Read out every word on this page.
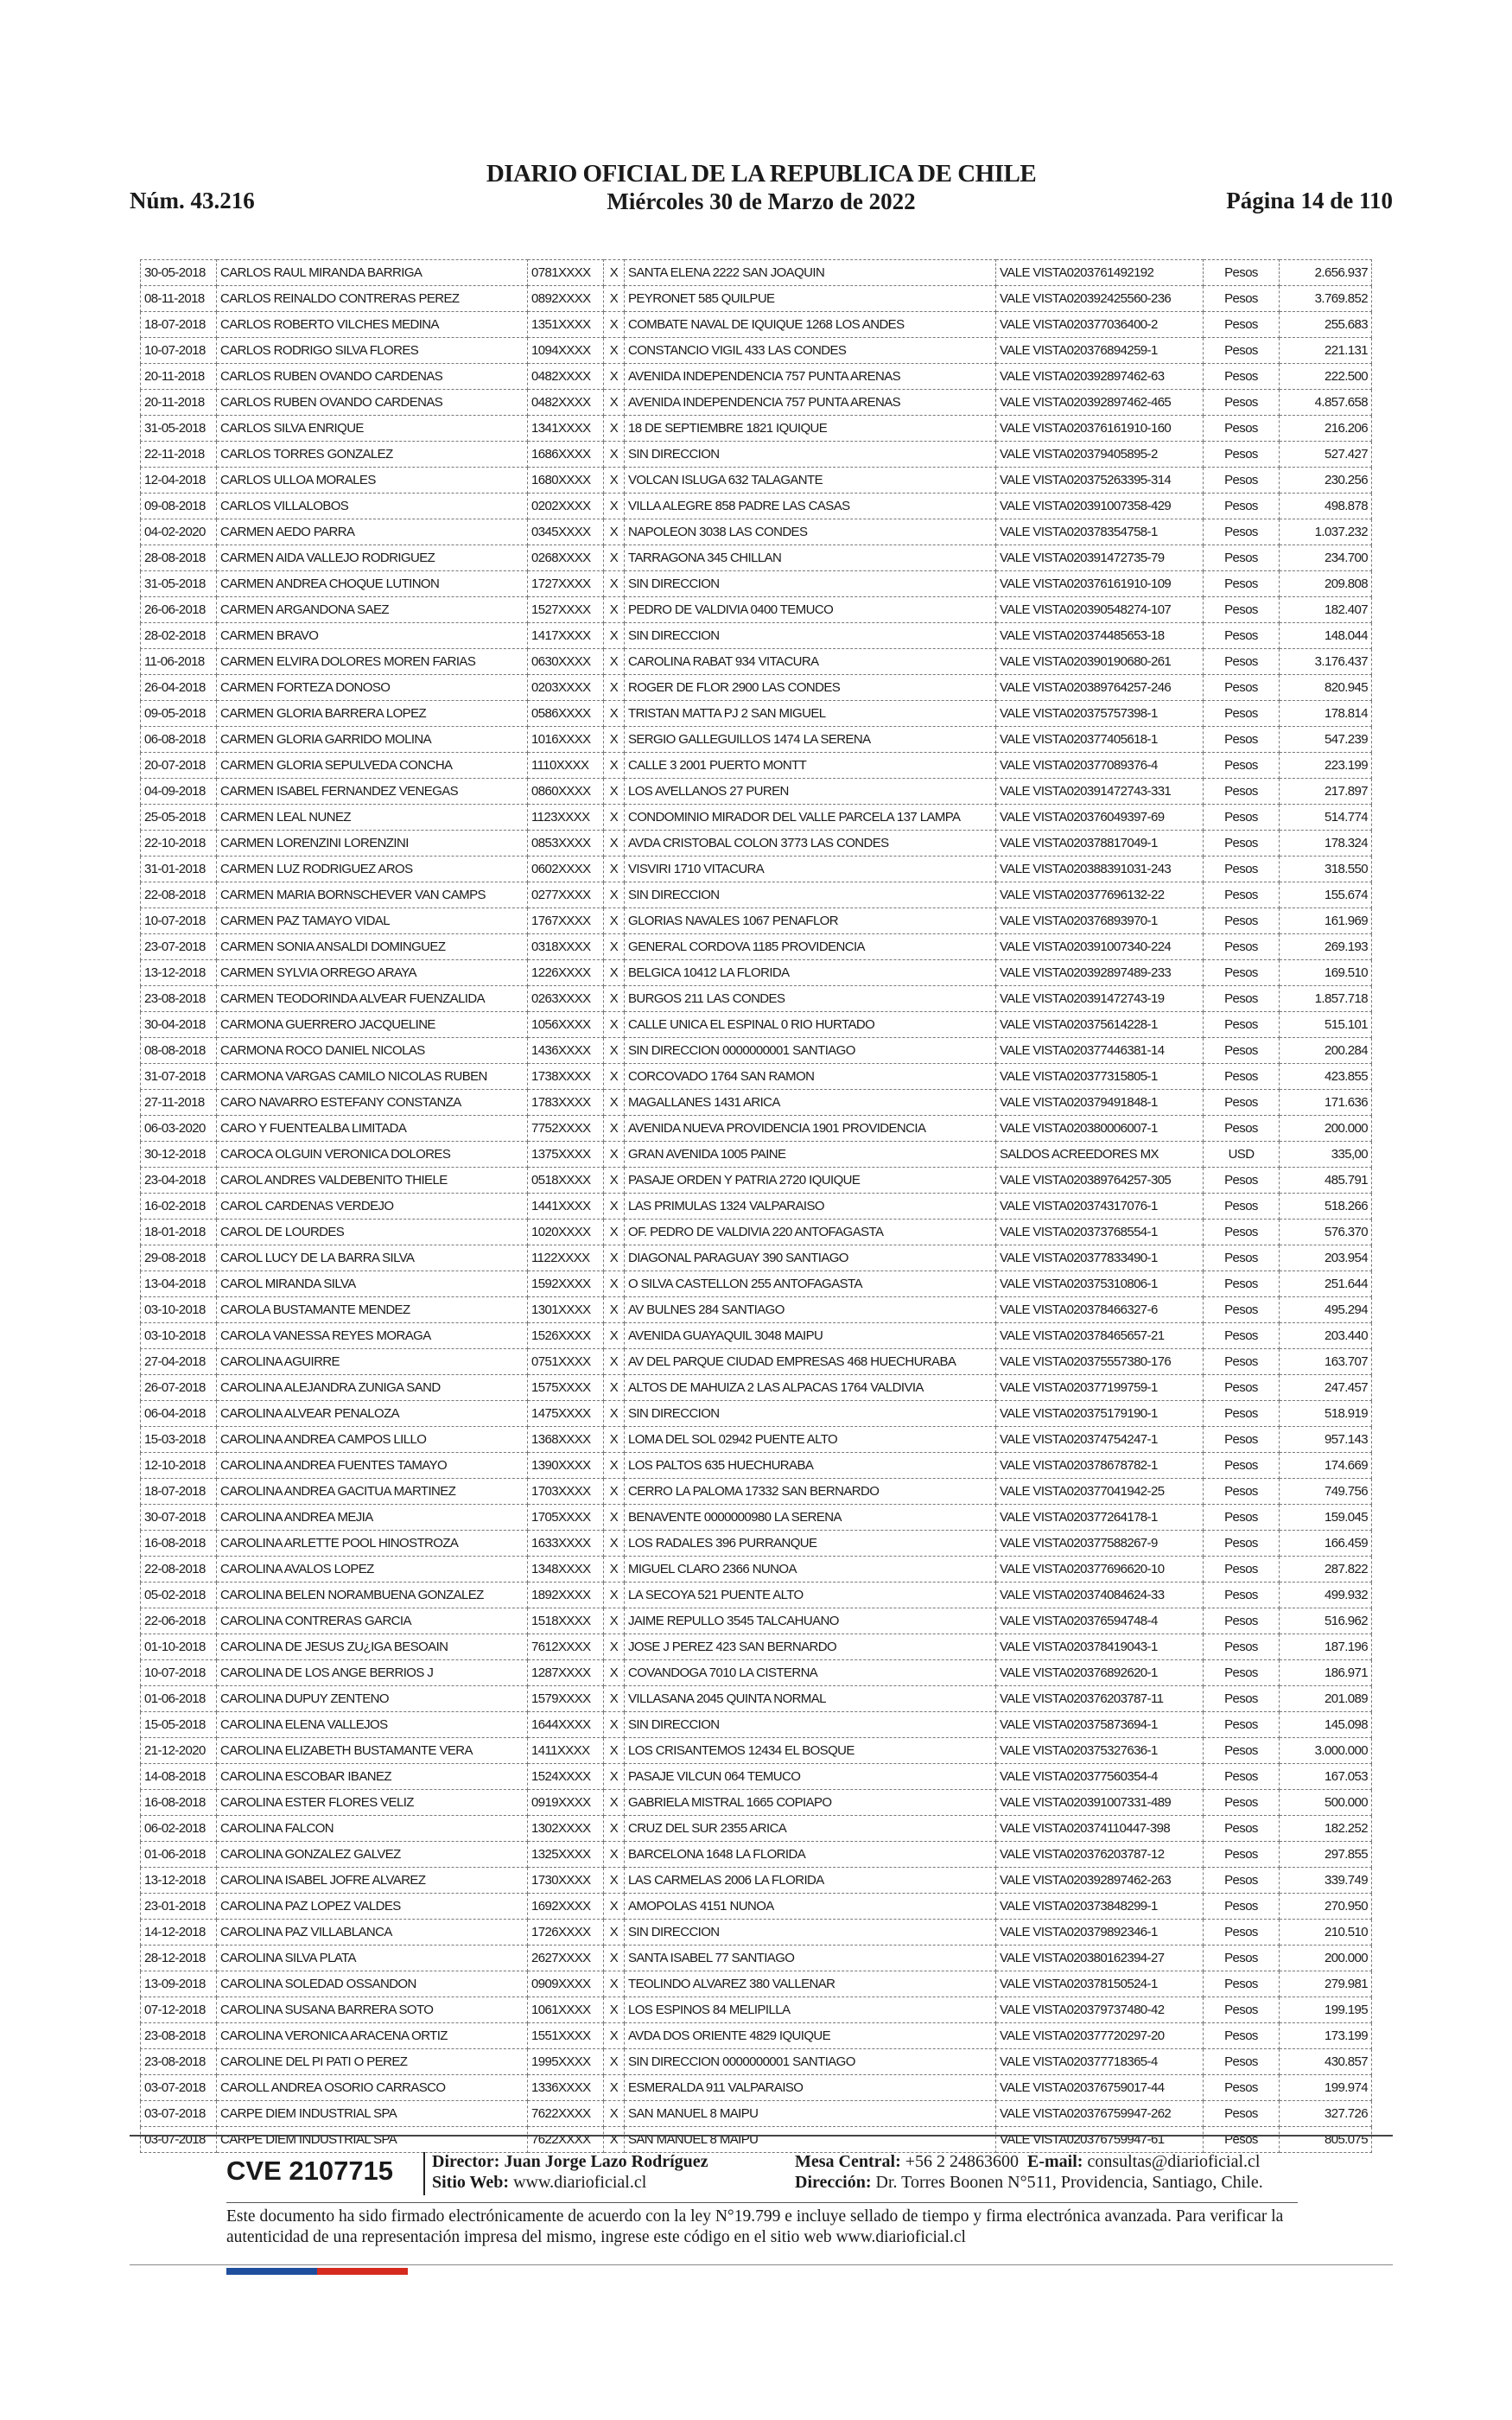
Núm. 43.216
DIARIO OFICIAL DE LA REPUBLICA DE CHILE
Miércoles 30 de Marzo de 2022	Página 14 de 110
30-05-2018	CARLOS RAUL MIRANDA BARRIGA	0781XXXX	X	SANTA ELENA 2222 SAN JOAQUIN	VALE VISTA0203761492192	Pesos	2.656.937
08-11-2018	CARLOS REINALDO CONTRERAS PEREZ	0892XXXX	X	PEYRONET 585 QUILPUE	VALE VISTA020392425560-236	Pesos	3.769.852
18-07-2018	CARLOS ROBERTO VILCHES MEDINA	1351XXXX	X	COMBATE NAVAL DE IQUIQUE 1268 LOS ANDES	VALE VISTA020377036400-2	Pesos	255.683
10-07-2018	CARLOS RODRIGO SILVA FLORES	1094XXXX	X	CONSTANCIO VIGIL 433 LAS CONDES	VALE VISTA020376894259-1	Pesos	221.131
20-11-2018	CARLOS RUBEN OVANDO CARDENAS	0482XXXX	X	AVENIDA INDEPENDENCIA 757 PUNTA ARENAS	VALE VISTA020392897462-63	Pesos	222.500
20-11-2018	CARLOS RUBEN OVANDO CARDENAS	0482XXXX	X	AVENIDA INDEPENDENCIA 757 PUNTA ARENAS	VALE VISTA020392897462-465	Pesos	4.857.658
31-05-2018	CARLOS SILVA ENRIQUE	1341XXXX	X	18 DE SEPTIEMBRE 1821 IQUIQUE	VALE VISTA020376161910-160	Pesos	216.206
22-11-2018	CARLOS TORRES GONZALEZ	1686XXXX	X	SIN DIRECCION	VALE VISTA020379405895-2	Pesos	527.427
12-04-2018	CARLOS ULLOA MORALES	1680XXXX	X	VOLCAN ISLUGA 632 TALAGANTE	VALE VISTA020375263395-314	Pesos	230.256
09-08-2018	CARLOS VILLALOBOS	0202XXXX	X	VILLA ALEGRE 858 PADRE LAS CASAS	VALE VISTA020391007358-429	Pesos	498.878
04-02-2020	CARMEN AEDO PARRA	0345XXXX	X	NAPOLEON 3038 LAS CONDES	VALE VISTA020378354758-1	Pesos	1.037.232
28-08-2018	CARMEN AIDA VALLEJO RODRIGUEZ	0268XXXX	X	TARRAGONA 345 CHILLAN	VALE VISTA020391472735-79	Pesos	234.700
31-05-2018	CARMEN ANDREA CHOQUE LUTINON	1727XXXX	X	SIN DIRECCION	VALE VISTA020376161910-109	Pesos	209.808
26-06-2018	CARMEN ARGANDONA SAEZ	1527XXXX	X	PEDRO DE VALDIVIA 0400 TEMUCO	VALE VISTA020390548274-107	Pesos	182.407
28-02-2018	CARMEN BRAVO	1417XXXX	X	SIN DIRECCION	VALE VISTA020374485653-18	Pesos	148.044
11-06-2018	CARMEN ELVIRA DOLORES MOREN FARIAS	0630XXXX	X	CAROLINA RABAT 934 VITACURA	VALE VISTA020390190680-261	Pesos	3.176.437
26-04-2018	CARMEN FORTEZA DONOSO	0203XXXX	X	ROGER DE FLOR 2900 LAS CONDES	VALE VISTA020389764257-246	Pesos	820.945
09-05-2018	CARMEN GLORIA BARRERA LOPEZ	0586XXXX	X	TRISTAN MATTA PJ 2 SAN MIGUEL	VALE VISTA020375757398-1	Pesos	178.814
06-08-2018	CARMEN GLORIA GARRIDO MOLINA	1016XXXX	X	SERGIO GALLEGUILLOS 1474 LA SERENA	VALE VISTA020377405618-1	Pesos	547.239
20-07-2018	CARMEN GLORIA SEPULVEDA CONCHA	1110XXXX	X	CALLE 3 2001 PUERTO MONTT	VALE VISTA020377089376-4	Pesos	223.199
04-09-2018	CARMEN ISABEL FERNANDEZ VENEGAS	0860XXXX	X	LOS AVELLANOS 27 PUREN	VALE VISTA020391472743-331	Pesos	217.897
25-05-2018	CARMEN LEAL NUNEZ	1123XXXX	X	CONDOMINIO MIRADOR DEL VALLE PARCELA 137 LAMPA	VALE VISTA020376049397-69	Pesos	514.774
22-10-2018	CARMEN LORENZINI LORENZINI	0853XXXX	X	AVDA CRISTOBAL COLON 3773 LAS CONDES	VALE VISTA020378817049-1	Pesos	178.324
31-01-2018	CARMEN LUZ RODRIGUEZ AROS	0602XXXX	X	VISVIRI 1710 VITACURA	VALE VISTA020388391031-243	Pesos	318.550
22-08-2018	CARMEN MARIA BORNSCHEVER VAN CAMPS	0277XXXX	X	SIN DIRECCION	VALE VISTA020377696132-22	Pesos	155.674
10-07-2018	CARMEN PAZ TAMAYO VIDAL	1767XXXX	X	GLORIAS NAVALES 1067 PENAFLOR	VALE VISTA020376893970-1	Pesos	161.969
23-07-2018	CARMEN SONIA ANSALDI DOMINGUEZ	0318XXXX	X	GENERAL CORDOVA 1185 PROVIDENCIA	VALE VISTA020391007340-224	Pesos	269.193
13-12-2018	CARMEN SYLVIA ORREGO ARAYA	1226XXXX	X	BELGICA 10412 LA FLORIDA	VALE VISTA020392897489-233	Pesos	169.510
23-08-2018	CARMEN TEODORINDA ALVEAR FUENZALIDA	0263XXXX	X	BURGOS 211 LAS CONDES	VALE VISTA020391472743-19	Pesos	1.857.718
30-04-2018	CARMONA GUERRERO JACQUELINE	1056XXXX	X	CALLE UNICA EL ESPINAL 0 RIO HURTADO	VALE VISTA020375614228-1	Pesos	515.101
08-08-2018	CARMONA ROCO DANIEL NICOLAS	1436XXXX	X	SIN DIRECCION 0000000001 SANTIAGO	VALE VISTA020377446381-14	Pesos	200.284
31-07-2018	CARMONA VARGAS CAMILO NICOLAS RUBEN	1738XXXX	X	CORCOVADO 1764 SAN RAMON	VALE VISTA020377315805-1	Pesos	423.855
27-11-2018	CARO NAVARRO ESTEFANY CONSTANZA	1783XXXX	X	MAGALLANES 1431 ARICA	VALE VISTA020379491848-1	Pesos	171.636
06-03-2020	CARO Y FUENTEALBA LIMITADA	7752XXXX	X	AVENIDA NUEVA PROVIDENCIA 1901 PROVIDENCIA	VALE VISTA020380006007-1	Pesos	200.000
30-12-2018	CAROCA OLGUIN VERONICA DOLORES	1375XXXX	X	GRAN AVENIDA 1005 PAINE	SALDOS ACREEDORES MX	USD	335,00
23-04-2018	CAROL ANDRES VALDEBENITO THIELE	0518XXXX	X	PASAJE ORDEN Y PATRIA 2720 IQUIQUE	VALE VISTA020389764257-305	Pesos	485.791
16-02-2018	CAROL CARDENAS VERDEJO	1441XXXX	X	LAS PRIMULAS 1324 VALPARAISO	VALE VISTA020374317076-1	Pesos	518.266
18-01-2018	CAROL DE LOURDES	1020XXXX	X	OF. PEDRO DE VALDIVIA 220 ANTOFAGASTA	VALE VISTA020373768554-1	Pesos	576.370
29-08-2018	CAROL LUCY DE LA BARRA SILVA	1122XXXX	X	DIAGONAL PARAGUAY 390 SANTIAGO	VALE VISTA020377833490-1	Pesos	203.954
13-04-2018	CAROL MIRANDA SILVA	1592XXXX	X	O SILVA CASTELLON 255 ANTOFAGASTA	VALE VISTA020375310806-1	Pesos	251.644
03-10-2018	CAROLA BUSTAMANTE MENDEZ	1301XXXX	X	AV BULNES 284 SANTIAGO	VALE VISTA020378466327-6	Pesos	495.294
03-10-2018	CAROLA VANESSA REYES MORAGA	1526XXXX	X	AVENIDA GUAYAQUIL 3048 MAIPU	VALE VISTA020378465657-21	Pesos	203.440
27-04-2018	CAROLINA AGUIRRE	0751XXXX	X	AV DEL PARQUE CIUDAD EMPRESAS 468 HUECHURABA	VALE VISTA020375557380-176	Pesos	163.707
26-07-2018	CAROLINA ALEJANDRA ZUNIGA SAND	1575XXXX	X	ALTOS DE MAHUIZA 2 LAS ALPACAS 1764 VALDIVIA	VALE VISTA020377199759-1	Pesos	247.457
06-04-2018	CAROLINA ALVEAR PENALOZA	1475XXXX	X	SIN DIRECCION	VALE VISTA020375179190-1	Pesos	518.919
15-03-2018	CAROLINA ANDREA CAMPOS LILLO	1368XXXX	X	LOMA DEL SOL 02942 PUENTE ALTO	VALE VISTA020374754247-1	Pesos	957.143
12-10-2018	CAROLINA ANDREA FUENTES TAMAYO	1390XXXX	X	LOS PALTOS 635 HUECHURABA	VALE VISTA020378678782-1	Pesos	174.669
18-07-2018	CAROLINA ANDREA GACITUA MARTINEZ	1703XXXX	X	CERRO LA PALOMA 17332 SAN BERNARDO	VALE VISTA020377041942-25	Pesos	749.756
30-07-2018	CAROLINA ANDREA MEJIA	1705XXXX	X	BENAVENTE 0000000980 LA SERENA	VALE VISTA020377264178-1	Pesos	159.045
16-08-2018	CAROLINA ARLETTE POOL HINOSTROZA	1633XXXX	X	LOS RADALES 396 PURRANQUE	VALE VISTA020377588267-9	Pesos	166.459
22-08-2018	CAROLINA AVALOS LOPEZ	1348XXXX	X	MIGUEL CLARO 2366 NUNOA	VALE VISTA020377696620-10	Pesos	287.822
05-02-2018	CAROLINA BELEN NORAMBUENA GONZALEZ	1892XXXX	X	LA SECOYA 521 PUENTE ALTO	VALE VISTA020374084624-33	Pesos	499.932
22-06-2018	CAROLINA CONTRERAS GARCIA	1518XXXX	X	JAIME REPULLO 3545 TALCAHUANO	VALE VISTA020376594748-4	Pesos	516.962
01-10-2018	CAROLINA DE JESUS ZU¿IGA BESOAIN	7612XXXX	X	JOSE J PEREZ 423 SAN BERNARDO	VALE VISTA020378419043-1	Pesos	187.196
10-07-2018	CAROLINA DE LOS ANGE BERRIOS J	1287XXXX	X	COVANDOGA 7010 LA CISTERNA	VALE VISTA020376892620-1	Pesos	186.971
01-06-2018	CAROLINA DUPUY ZENTENO	1579XXXX	X	VILLASANA 2045 QUINTA NORMAL	VALE VISTA020376203787-11	Pesos	201.089
15-05-2018	CAROLINA ELENA VALLEJOS	1644XXXX	X	SIN DIRECCION	VALE VISTA020375873694-1	Pesos	145.098
21-12-2020	CAROLINA ELIZABETH BUSTAMANTE VERA	1411XXXX	X	LOS CRISANTEMOS 12434 EL BOSQUE	VALE VISTA020375327636-1	Pesos	3.000.000
14-08-2018	CAROLINA ESCOBAR IBANEZ	1524XXXX	X	PASAJE VILCUN 064 TEMUCO	VALE VISTA020377560354-4	Pesos	167.053
16-08-2018	CAROLINA ESTER FLORES VELIZ	0919XXXX	X	GABRIELA MISTRAL 1665 COPIAPO	VALE VISTA020391007331-489	Pesos	500.000
06-02-2018	CAROLINA FALCON	1302XXXX	X	CRUZ DEL SUR 2355 ARICA	VALE VISTA020374110447-398	Pesos	182.252
01-06-2018	CAROLINA GONZALEZ GALVEZ	1325XXXX	X	BARCELONA 1648 LA FLORIDA	VALE VISTA020376203787-12	Pesos	297.855
13-12-2018	CAROLINA ISABEL JOFRE ALVAREZ	1730XXXX	X	LAS CARMELAS 2006 LA FLORIDA	VALE VISTA020392897462-263	Pesos	339.749
23-01-2018	CAROLINA PAZ LOPEZ VALDES	1692XXXX	X	AMOPOLAS 4151 NUNOA	VALE VISTA020373848299-1	Pesos	270.950
14-12-2018	CAROLINA PAZ VILLABLANCA	1726XXXX	X	SIN DIRECCION	VALE VISTA020379892346-1	Pesos	210.510
28-12-2018	CAROLINA SILVA PLATA	2627XXXX	X	SANTA ISABEL 77 SANTIAGO	VALE VISTA020380162394-27	Pesos	200.000
13-09-2018	CAROLINA SOLEDAD OSSANDON	0909XXXX	X	TEOLINDO ALVAREZ 380 VALLENAR	VALE VISTA020378150524-1	Pesos	279.981
07-12-2018	CAROLINA SUSANA BARRERA SOTO	1061XXXX	X	LOS ESPINOS 84 MELIPILLA	VALE VISTA020379737480-42	Pesos	199.195
23-08-2018	CAROLINA VERONICA ARACENA ORTIZ	1551XXXX	X	AVDA DOS ORIENTE 4829 IQUIQUE	VALE VISTA020377720297-20	Pesos	173.199
23-08-2018	CAROLINE DEL PI PATI O PEREZ	1995XXXX	X	SIN DIRECCION 0000000001 SANTIAGO	VALE VISTA020377718365-4	Pesos	430.857
03-07-2018	CAROLL ANDREA OSORIO CARRASCO	1336XXXX	X	ESMERALDA 911 VALPARAISO	VALE VISTA020376759017-44	Pesos	199.974
03-07-2018	CARPE DIEM INDUSTRIAL SPA	7622XXXX	X	SAN MANUEL 8 MAIPU	VALE VISTA020376759947-262	Pesos	327.726
03-07-2018	CARPE DIEM INDUSTRIAL SPA	7622XXXX	X	SAN MANUEL 8 MAIPU	VALE VISTA020376759947-61	Pesos	805.075
CVE 2107715 Director: Juan Jorge Lazo Rodríguez
Sitio Web: www.diarioficial.cl
Mesa Central: +56 2 24863600 E-mail: consultas@diarioficial.cl
Dirección: Dr. Torres Boonen N°511, Providencia, Santiago, Chile.
Este documento ha sido firmado electrónicamente de acuerdo con la ley N°19.799 e incluye sellado de tiempo y firma electrónica avanzada. Para verificar la autenticidad de una representación impresa del mismo, ingrese este código en el sitio web www.diarioficial.cl
